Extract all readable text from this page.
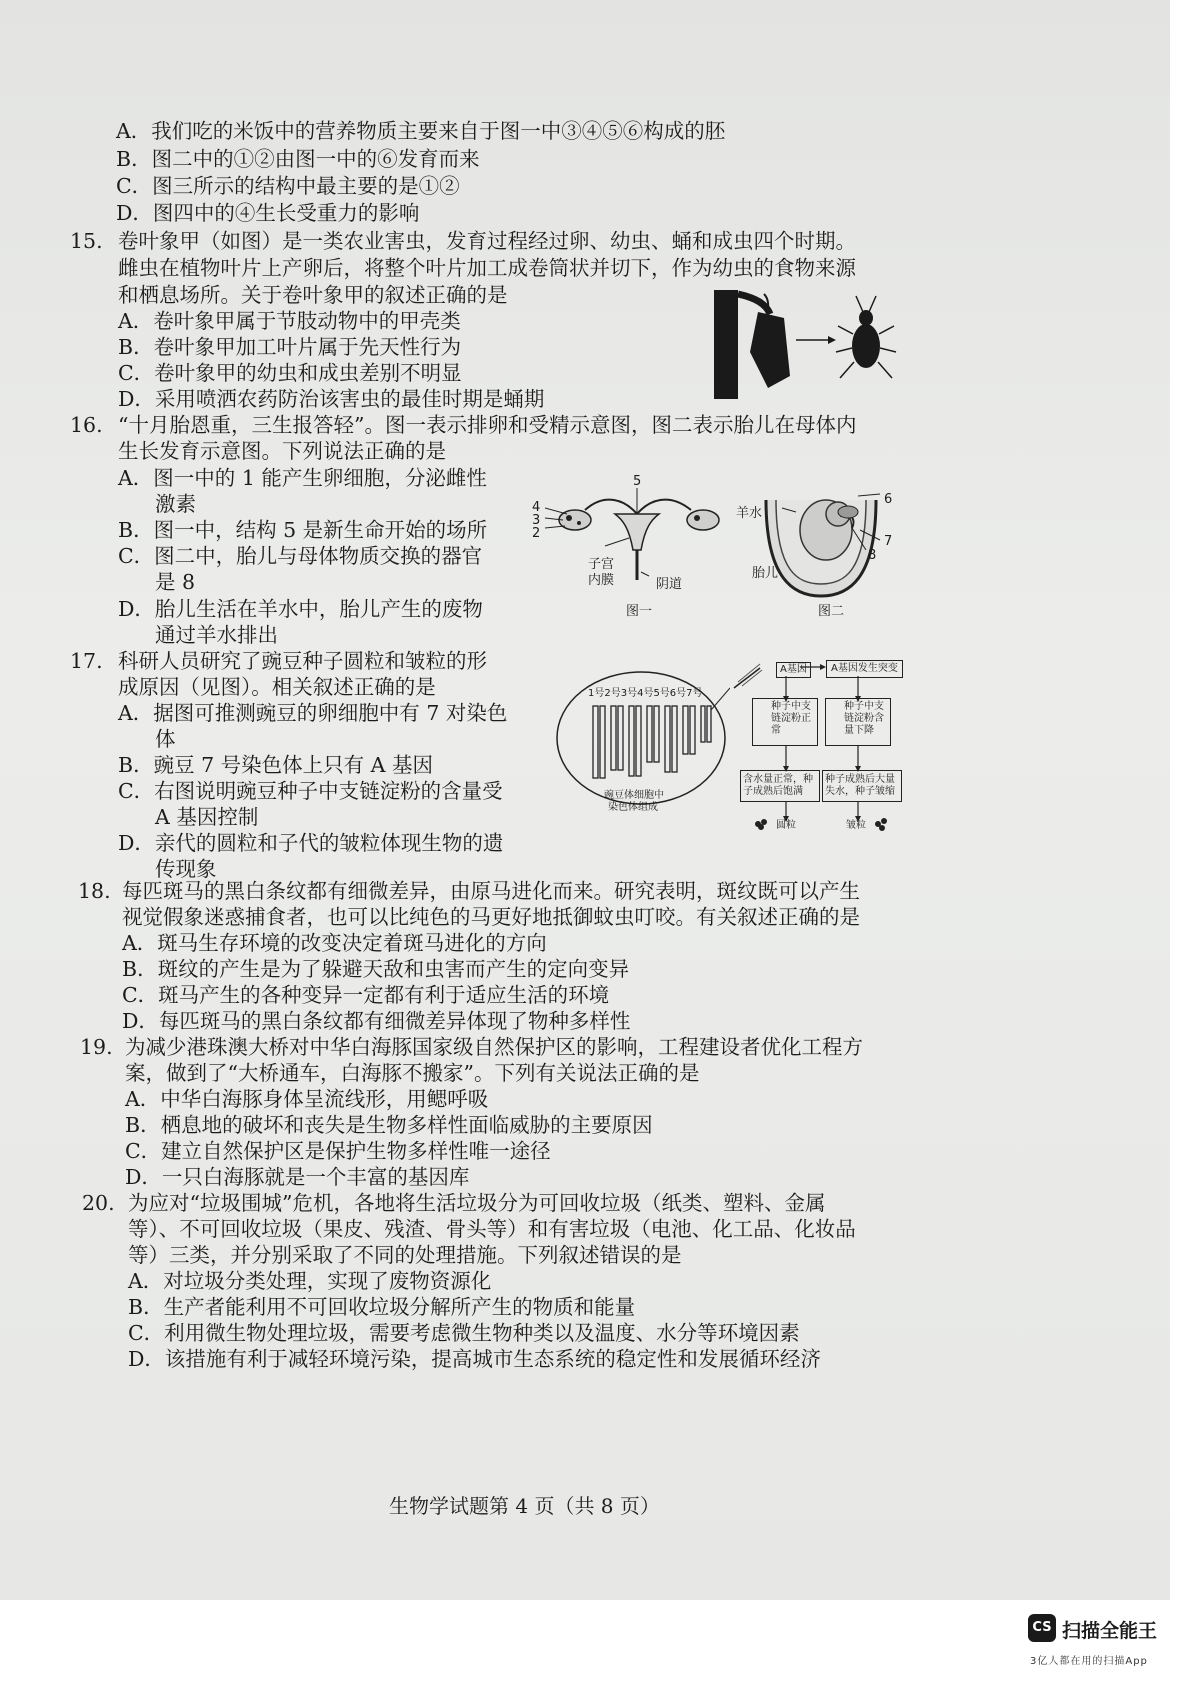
A．我们吃的米饭中的营养物质主要来自于图一中③④⑤⑥构成的胚
B．图二中的①②由图一中的⑥发育而来
C．图三所示的结构中最主要的是①②
D．图四中的④生长受重力的影响
15. 卷叶象甲（如图）是一类农业害虫，发育过程经过卵、幼虫、蛹和成虫四个时期。
雌虫在植物叶片上产卵后，将整个叶片加工成卷筒状并切下，作为幼虫的食物来源
和栖息场所。关于卷叶象甲的叙述正确的是
A．卷叶象甲属于节肢动物中的甲壳类
B．卷叶象甲加工叶片属于先天性行为
C．卷叶象甲的幼虫和成虫差别不明显
D．采用喷洒农药防治该害虫的最佳时期是蛹期
16. “十月胎恩重，三生报答轻”。图一表示排卵和受精示意图，图二表示胎儿在母体内
生长发育示意图。下列说法正确的是
A．图一中的 1 能产生卵细胞，分泌雌性
激素
B．图一中，结构 5 是新生命开始的场所
C．图二中，胎儿与母体物质交换的器官
是 8
D．胎儿生活在羊水中，胎儿产生的废物
通过羊水排出
4
3
2
5
子宫
内膜	阴道
图一
羊水
胎儿
6
7
8
图二
17. 科研人员研究了豌豆种子圆粒和皱粒的形
成原因（见图）。相关叙述正确的是
A．据图可推测豌豆的卵细胞中有 7 对染色
体
B．豌豆 7 号染色体上只有 A 基因
C．右图说明豌豆种子中支链淀粉的含量受
A 基因控制
D．亲代的圆粒和子代的皱粒体现生物的遗
传现象
1号2号3号4号5号6号7号
豌豆体细胞中
染色体组成
A基因	A基因发生突变
种子中支
链淀粉正
常
种子中支
链淀粉含
量下降
含水量正常，种
子成熟后饱满
种子成熟后大量
失水，种子皱缩
圆粒	皱粒
18. 每匹斑马的黑白条纹都有细微差异，由原马进化而来。研究表明，斑纹既可以产生
视觉假象迷惑捕食者，也可以比纯色的马更好地抵御蚊虫叮咬。有关叙述正确的是
A．斑马生存环境的改变决定着斑马进化的方向
B．斑纹的产生是为了躲避天敌和虫害而产生的定向变异
C．斑马产生的各种变异一定都有利于适应生活的环境
D．每匹斑马的黑白条纹都有细微差异体现了物种多样性
19. 为减少港珠澳大桥对中华白海豚国家级自然保护区的影响，工程建设者优化工程方
案，做到了“大桥通车，白海豚不搬家”。下列有关说法正确的是
A．中华白海豚身体呈流线形，用鳃呼吸
B．栖息地的破坏和丧失是生物多样性面临威胁的主要原因
C．建立自然保护区是保护生物多样性唯一途径
D．一只白海豚就是一个丰富的基因库
20. 为应对“垃圾围城”危机，各地将生活垃圾分为可回收垃圾（纸类、塑料、金属
等）、不可回收垃圾（果皮、残渣、骨头等）和有害垃圾（电池、化工品、化妆品
等）三类，并分别采取了不同的处理措施。下列叙述错误的是
A．对垃圾分类处理，实现了废物资源化
B．生产者能利用不可回收垃圾分解所产生的物质和能量
C．利用微生物处理垃圾，需要考虑微生物种类以及温度、水分等环境因素
D．该措施有利于减轻环境污染，提高城市生态系统的稳定性和发展循环经济
生物学试题第 4 页（共 8 页）
CS 扫描全能王
3亿人都在用的扫描App
